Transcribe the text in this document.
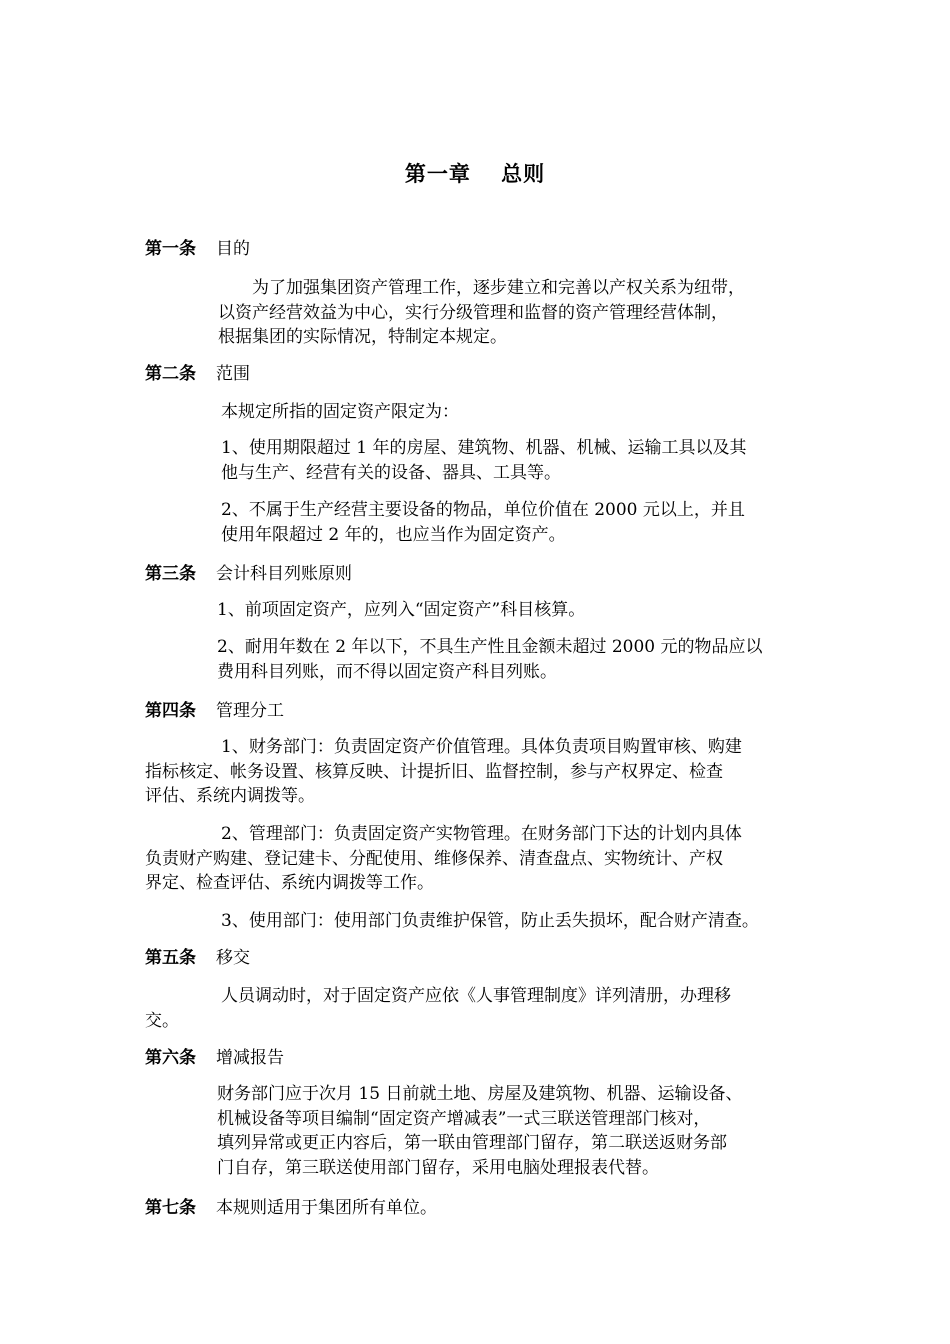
第一章　 总则
第一条 目的
　　为了加强集团资产管理工作，逐步建立和完善以产权关系为纽带，
以资产经营效益为中心，实行分级管理和监督的资产管理经营体制，
根据集团的实际情况，特制定本规定。
第二条 范围
本规定所指的固定资产限定为：
1、使用期限超过 1 年的房屋、建筑物、机器、机械、运输工具以及其
他与生产、经营有关的设备、器具、工具等。
2、不属于生产经营主要设备的物品，单位价值在 2000 元以上，并且
使用年限超过 2 年的，也应当作为固定资产。
第三条 会计科目列账原则
1、前项固定资产，应列入“固定资产”科目核算。
2、耐用年数在 2 年以下，不具生产性且金额未超过 2000 元的物品应以
费用科目列账，而不得以固定资产科目列账。
第四条 管理分工
1、财务部门：负责固定资产价值管理。具体负责项目购置审核、购建
指标核定、帐务设置、核算反映、计提折旧、监督控制，参与产权界定、检查
评估、系统内调拨等。
2、管理部门：负责固定资产实物管理。在财务部门下达的计划内具体
负责财产购建、登记建卡、分配使用、维修保养、清查盘点、实物统计、产权
界定、检查评估、系统内调拨等工作。
3、使用部门：使用部门负责维护保管，防止丢失损坏，配合财产清查。
第五条 移交
人员调动时，对于固定资产应依《人事管理制度》详列清册，办理移
交。
第六条 增减报告
财务部门应于次月 15 日前就土地、房屋及建筑物、机器、运输设备、
机械设备等项目编制“固定资产增减表”一式三联送管理部门核对，
填列异常或更正内容后，第一联由管理部门留存，第二联送返财务部
门自存，第三联送使用部门留存，采用电脑处理报表代替。
第七条 本规则适用于集团所有单位。
